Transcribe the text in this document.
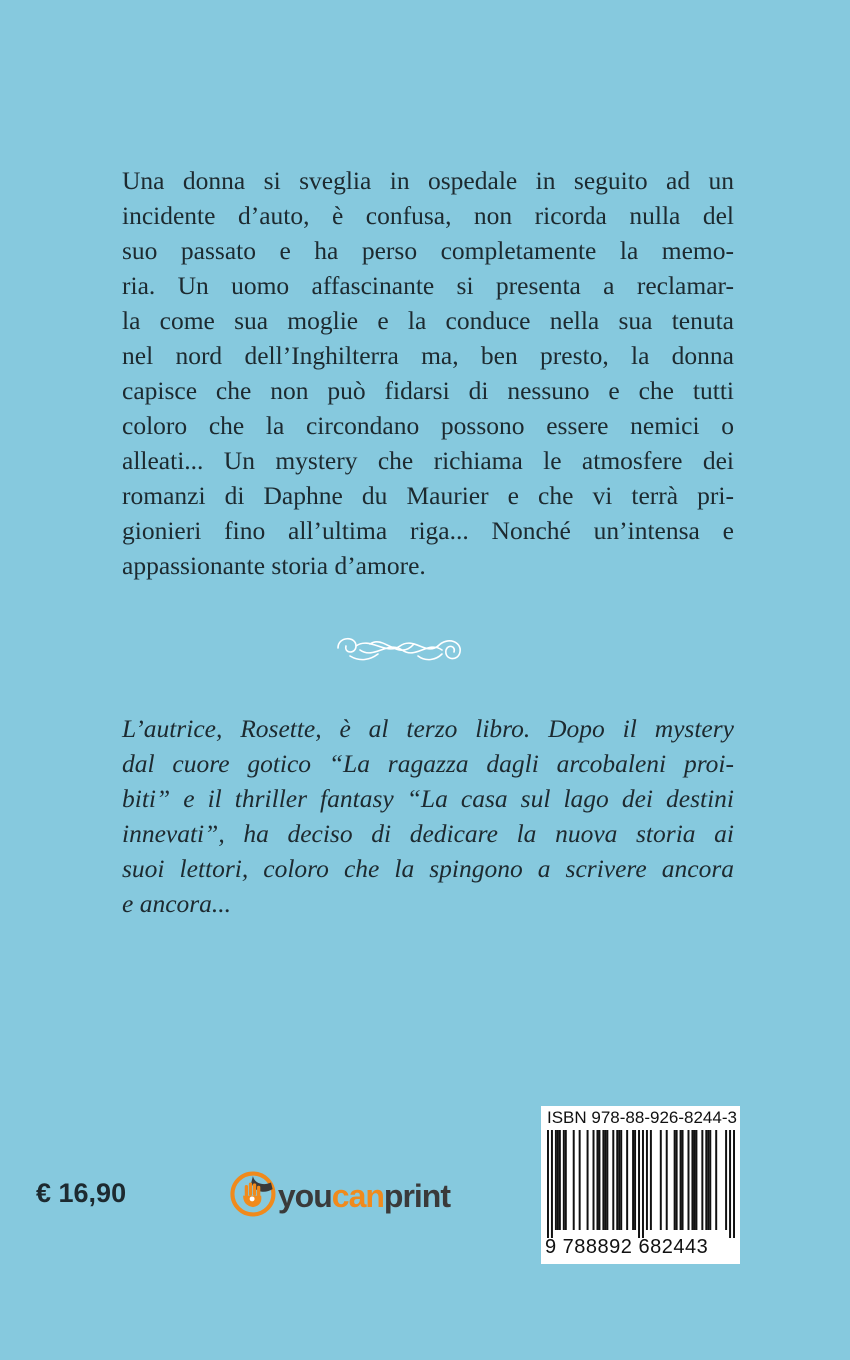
Una donna si sveglia in ospedale in seguito ad un
incidente d’auto, è confusa, non ricorda nulla del
suo passato e ha perso completamente la memo-
ria. Un uomo affascinante si presenta a reclamar-
la come sua moglie e la conduce nella sua tenuta
nel nord dell’Inghilterra ma, ben presto, la donna
capisce che non può fidarsi di nessuno e che tutti
coloro che la circondano possono essere nemici o
alleati... Un mystery che richiama le atmosfere dei
romanzi di Daphne du Maurier e che vi terrà pri-
gionieri fino all’ultima riga... Nonché un’intensa e
appassionante storia d’amore.
L’autrice, Rosette, è al terzo libro. Dopo il mystery
dal cuore gotico “La ragazza dagli arcobaleni proi-
biti” e il thriller fantasy “La casa sul lago dei destini
innevati”, ha deciso di dedicare la nuova storia ai
suoi lettori, coloro che la spingono a scrivere ancora
e ancora...
€ 16,90	youcanprint
ISBN 978-88-926-8244-3
9 788892 682443
